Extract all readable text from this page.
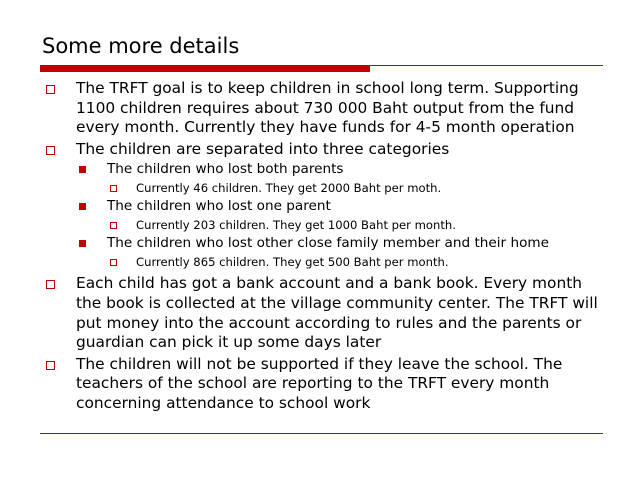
Some more details
The TRFT goal is to keep children in school long term. Supporting 1100 children requires about 730 000 Baht output from the fund every month. Currently they have funds for 4-5 month operation
The children are separated into three categories
The children who lost both parents
Currently 46 children. They get 2000 Baht per moth.
The children who lost one parent
Currently 203 children. They get 1000 Baht per month.
The children who lost other close family member and their home
Currently 865 children. They get 500 Baht per month.
Each child has got a bank account and a bank book. Every month the book is collected at the village community center. The TRFT will put money into the account according to rules and the parents or guardian can pick it up some days later
The children will not be supported if they leave the school. The teachers of the school are reporting to the TRFT every month concerning attendance to school work
